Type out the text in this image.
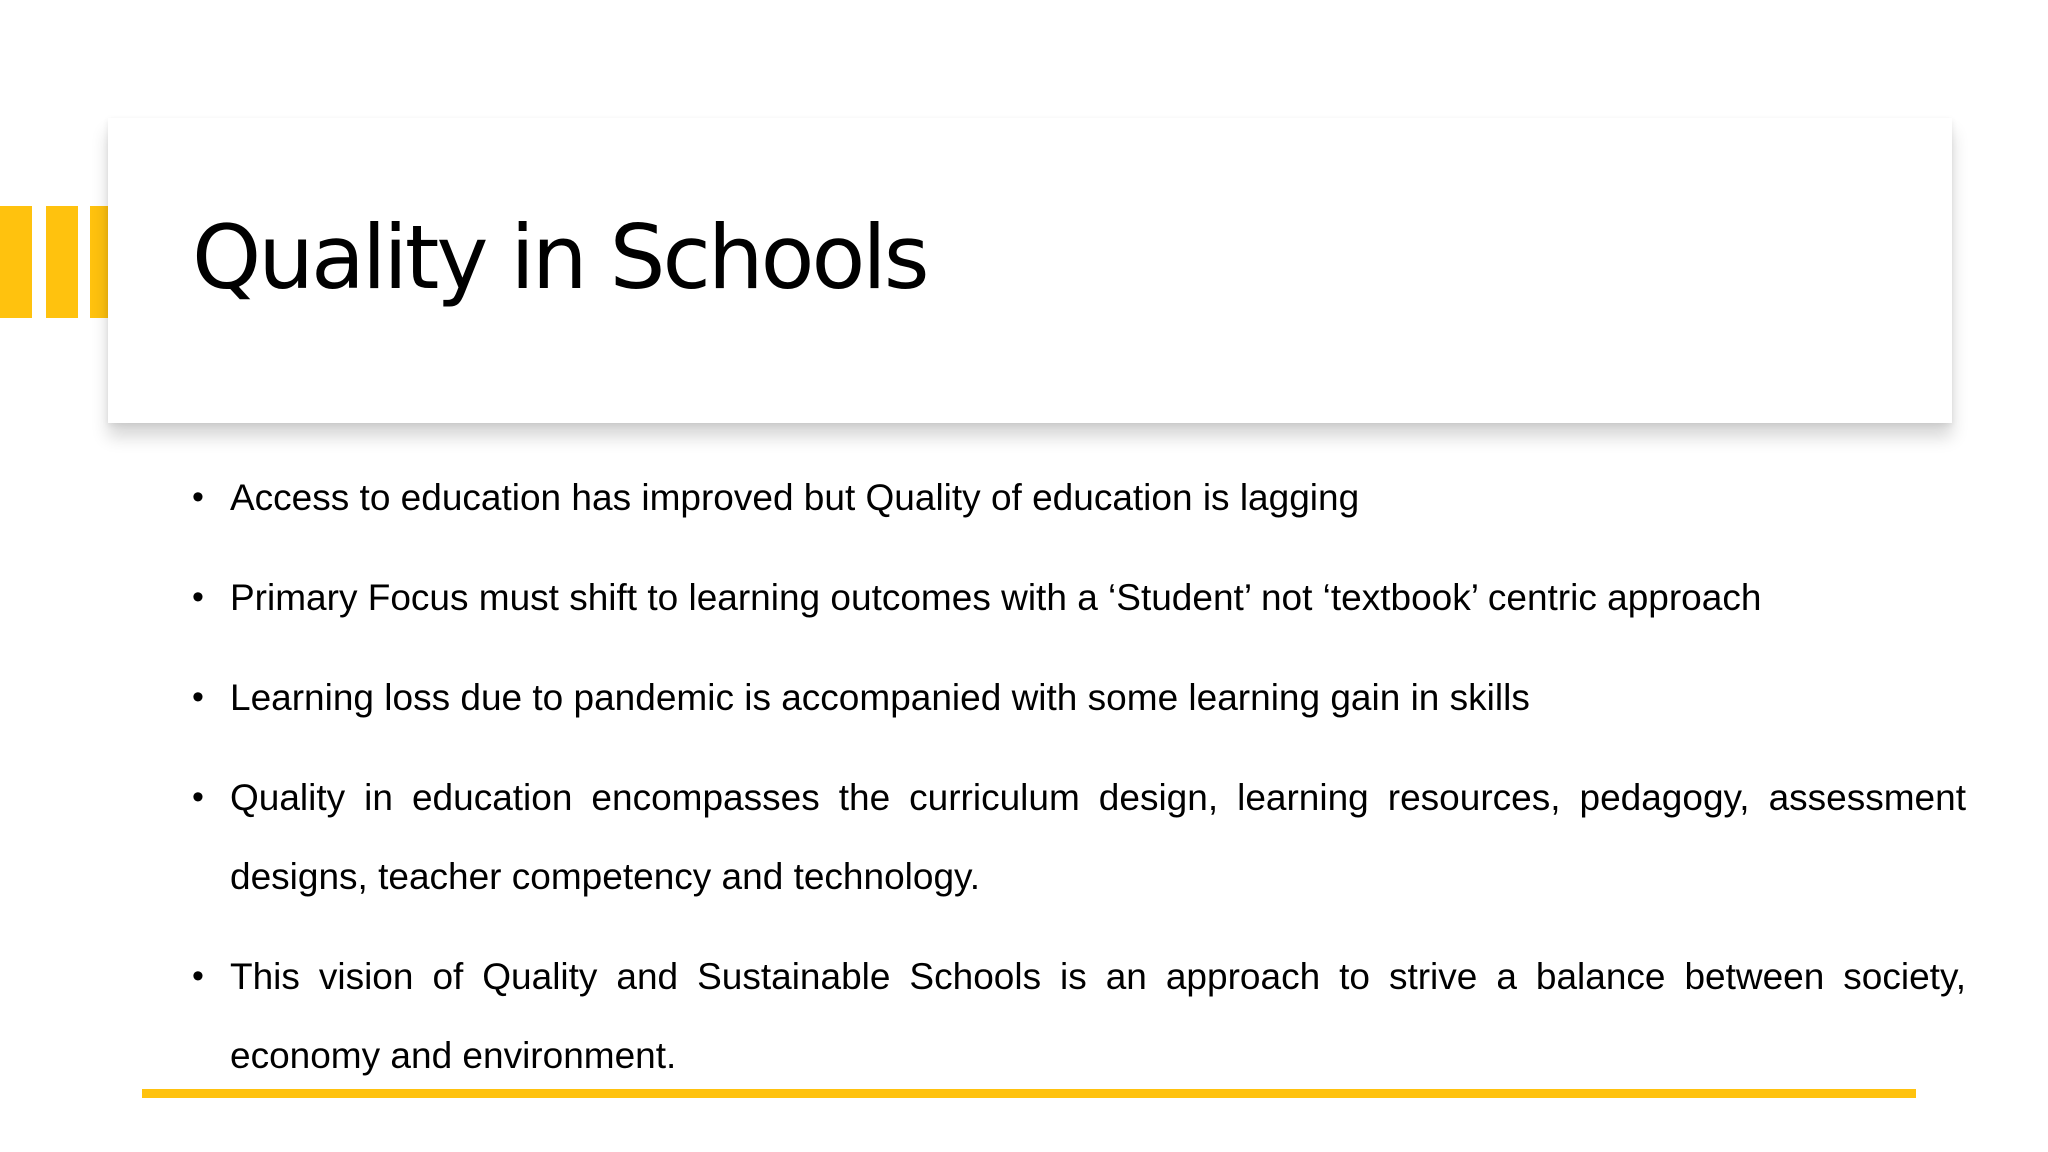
Quality in Schools
• Access to education has improved but Quality of education is lagging
• Primary Focus must shift to learning outcomes with a ‘Student’ not ‘textbook’ centric approach
• Learning loss due to pandemic is accompanied with some learning gain in skills
• Quality in education encompasses the curriculum design, learning resources, pedagogy, assessment designs, teacher competency and technology.
• This vision of Quality and Sustainable Schools is an approach to strive a balance between society, economy and environment.
